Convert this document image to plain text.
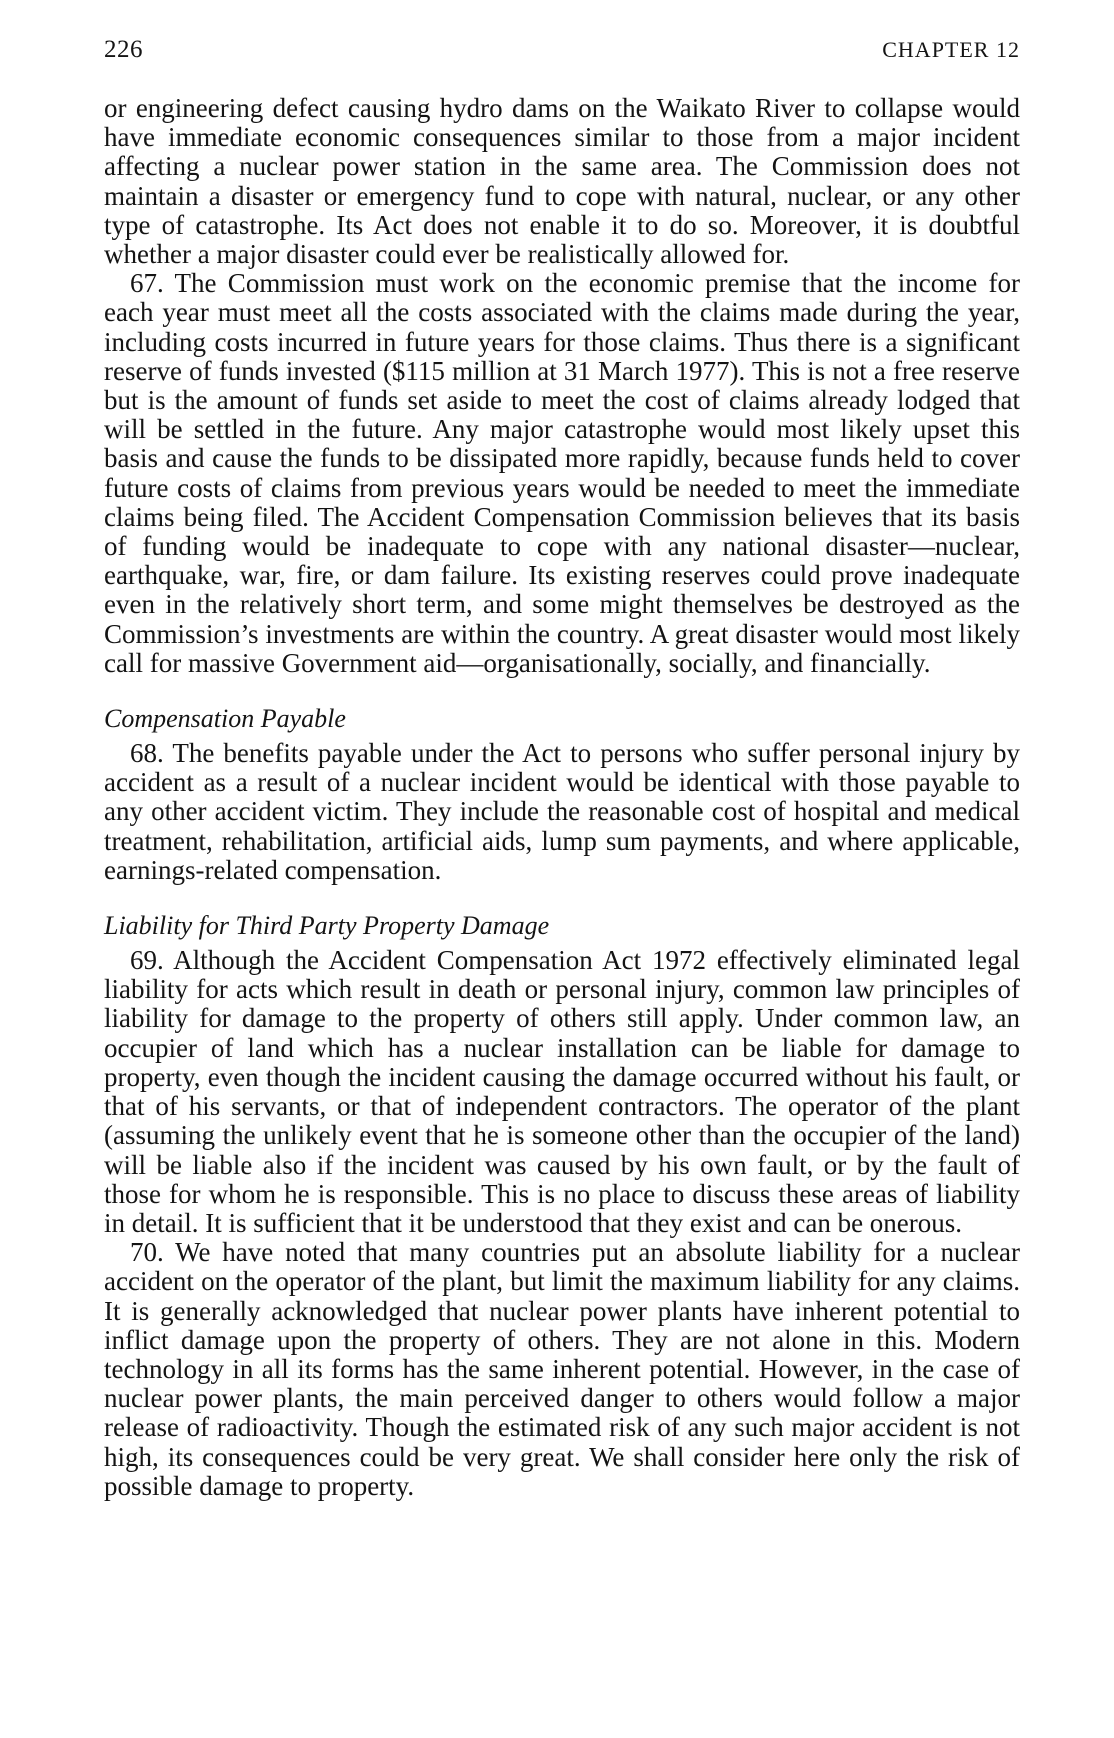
226	CHAPTER 12

or engineering defect causing hydro dams on the Waikato River to collapse would have immediate economic consequences similar to those from a major incident affecting a nuclear power station in the same area. The Commission does not maintain a disaster or emergency fund to cope with natural, nuclear, or any other type of catastrophe. Its Act does not enable it to do so. Moreover, it is doubtful whether a major disaster could ever be realistically allowed for.

67. The Commission must work on the economic premise that the income for each year must meet all the costs associated with the claims made during the year, including costs incurred in future years for those claims. Thus there is a significant reserve of funds invested ($115 million at 31 March 1977). This is not a free reserve but is the amount of funds set aside to meet the cost of claims already lodged that will be settled in the future. Any major catastrophe would most likely upset this basis and cause the funds to be dissipated more rapidly, because funds held to cover future costs of claims from previous years would be needed to meet the immediate claims being filed. The Accident Compensation Commission believes that its basis of funding would be inadequate to cope with any national disaster—nuclear, earthquake, war, fire, or dam failure. Its existing reserves could prove inadequate even in the relatively short term, and some might themselves be destroyed as the Commission’s investments are within the country. A great disaster would most likely call for massive Government aid—organisationally, socially, and financially.

Compensation Payable

68. The benefits payable under the Act to persons who suffer personal injury by accident as a result of a nuclear incident would be identical with those payable to any other accident victim. They include the reasonable cost of hospital and medical treatment, rehabilitation, artificial aids, lump sum payments, and where applicable, earnings-related compensation.

Liability for Third Party Property Damage

69. Although the Accident Compensation Act 1972 effectively eliminated legal liability for acts which result in death or personal injury, common law principles of liability for damage to the property of others still apply. Under common law, an occupier of land which has a nuclear installation can be liable for damage to property, even though the incident causing the damage occurred without his fault, or that of his servants, or that of independent contractors. The operator of the plant (assuming the unlikely event that he is someone other than the occupier of the land) will be liable also if the incident was caused by his own fault, or by the fault of those for whom he is responsible. This is no place to discuss these areas of liability in detail. It is sufficient that it be understood that they exist and can be onerous.

70. We have noted that many countries put an absolute liability for a nuclear accident on the operator of the plant, but limit the maximum liability for any claims. It is generally acknowledged that nuclear power plants have inherent potential to inflict damage upon the property of others. They are not alone in this. Modern technology in all its forms has the same inherent potential. However, in the case of nuclear power plants, the main perceived danger to others would follow a major release of radioactivity. Though the estimated risk of any such major accident is not high, its consequences could be very great. We shall consider here only the risk of possible damage to property.
